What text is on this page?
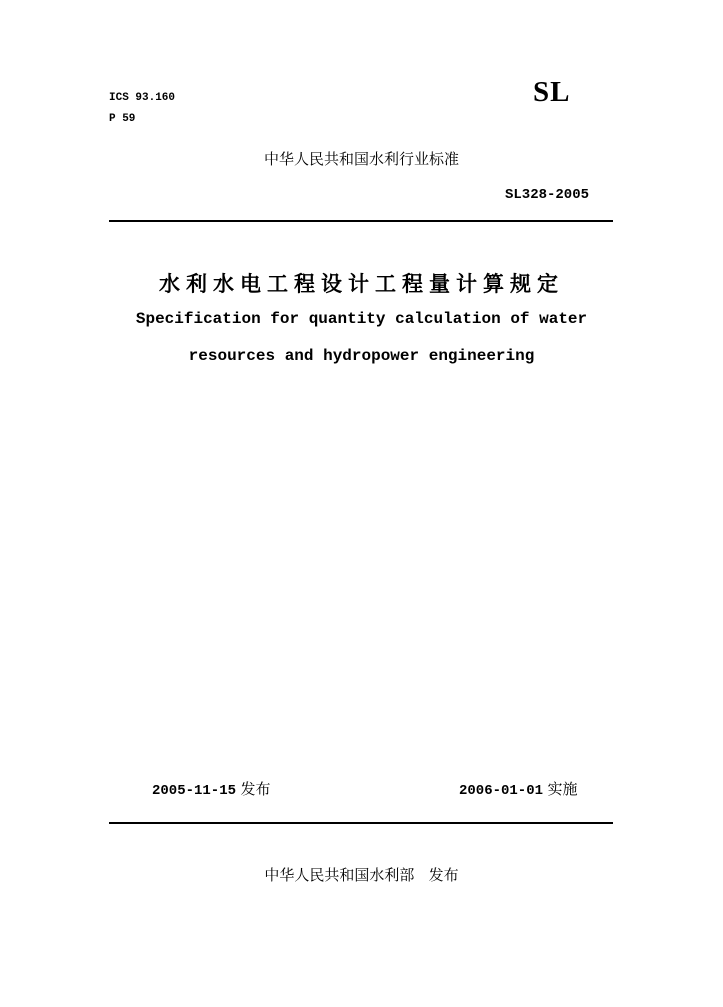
ICS 93.160
P 59
SL
中华人民共和国水利行业标准
SL328-2005
水利水电工程设计工程量计算规定
Specification for quantity calculation of water
resources and hydropower engineering
2005-11-15 发布	2006-01-01 实施
中华人民共和国水利部   发布
